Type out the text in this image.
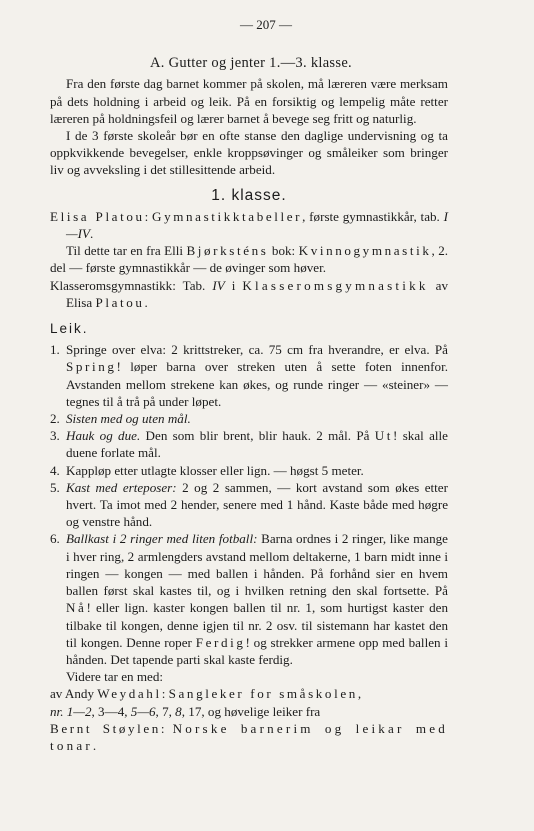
— 207 —
A. Gutter og jenter 1.—3. klasse.

Fra den første dag barnet kommer på skolen, må læreren være merksam på dets holdning i arbeid og leik. På en forsiktig og lempelig måte retter læreren på holdningsfeil og lærer barnet å bevege seg fritt og naturlig.

I de 3 første skoleår bør en ofte stanse den daglige undervisning og ta oppkvikkende bevegelser, enkle kroppsøvinger og småleiker som bringer liv og avveksling i det stillesittende arbeid.

1. klasse.

Elisa Platou: Gymnastikktabeller, første gymnastikkår, tab. I—IV.

Til dette tar en fra Elli Bjørksténs bok: Kvinnogymnastik, 2. del — første gymnastikkår — de øvinger som høver.

Klasseromsgymnastikk: Tab. IV i Klasseromsgymnastikk av Elisa Platou.

Leik.
1. Springe over elva: 2 krittstreker, ca. 75 cm fra hverandre, er elva. På Spring! løper barna over streken uten å sette foten innenfor. Avstanden mellom strekene kan økes, og runde ringer — «steiner» — tegnes til å trå på under løpet.
2. Sisten med og uten mål.
3. Hauk og due. Den som blir brent, blir hauk. 2 mål. På Ut! skal alle duene forlate mål.
4. Kappløp etter utlagte klosser eller lign. — høgst 5 meter.
5. Kast med erteposer: 2 og 2 sammen, — kort avstand som økes etter hvert. Ta imot med 2 hender, senere med 1 hånd. Kaste både med høgre og venstre hånd.
6. Ballkast i 2 ringer med liten fotball: Barna ordnes i 2 ringer, like mange i hver ring, 2 armlengders avstand mellom deltakerne, 1 barn midt inne i ringen — kongen — med ballen i hånden. På forhånd sier en hvem ballen først skal kastes til, og i hvilken retning den skal fortsette. På Nå! eller lign. kaster kongen ballen til nr. 1, som hurtigst kaster den tilbake til kongen, denne igjen til nr. 2 osv. til sistemann har kastet den til kongen. Denne roper Ferdig! og strekker armene opp med ballen i hånden. Det tapende parti skal kaste ferdig.

Videre tar en med:

av Andy Weydahl: Sangleker for småskolen,
nr. 1—2, 3—4, 5—6, 7, 8, 17, og høvelige leiker fra
Bernt Støylen: Norske barnerim og leikar med tonar.
